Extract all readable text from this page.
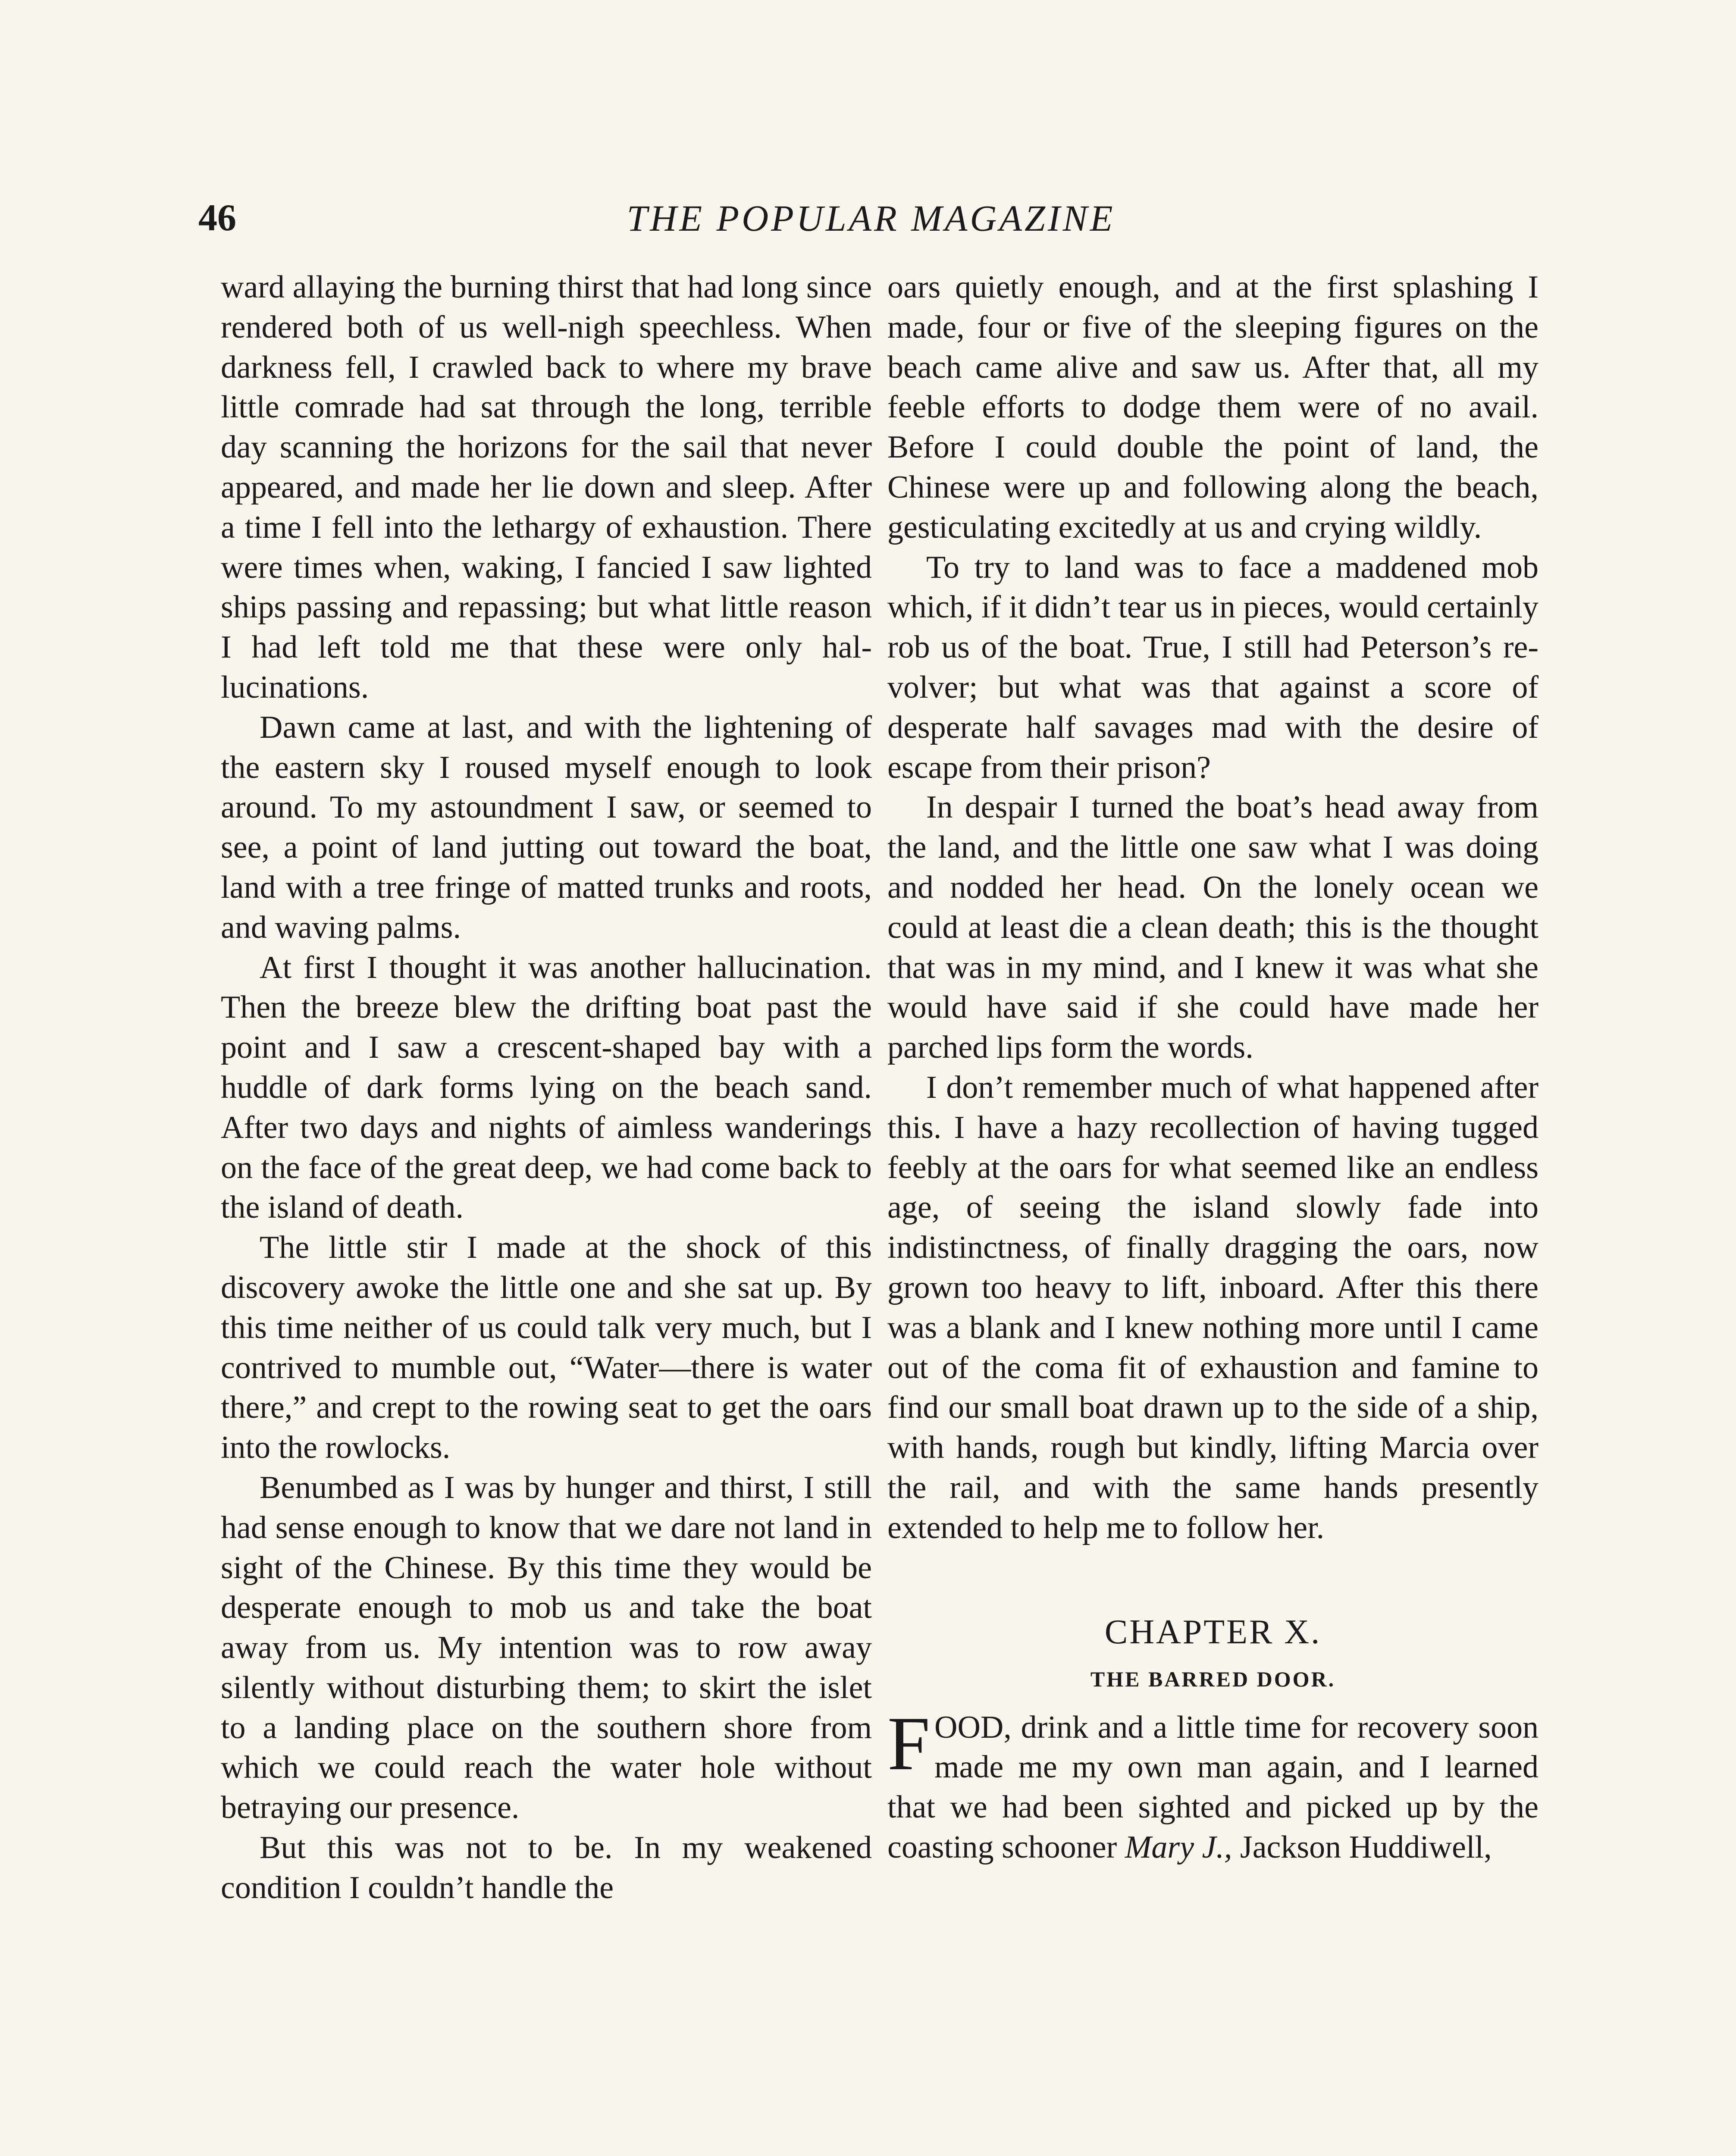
46	THE POPULAR MAGAZINE

ward allaying the burning thirst that had long since rendered both of us well-nigh speechless. When darkness fell, I crawled back to where my brave little comrade had sat through the long, terrible day scanning the horizons for the sail that never appeared, and made her lie down and sleep. After a time I fell into the lethargy of exhaustion. There were times when, waking, I fancied I saw lighted ships passing and repassing; but what little reason I had left told me that these were only hallucinations.

Dawn came at last, and with the lightening of the eastern sky I roused myself enough to look around. To my astoundment I saw, or seemed to see, a point of land jutting out toward the boat, land with a tree fringe of matted trunks and roots, and waving palms.

At first I thought it was another hallucination. Then the breeze blew the drifting boat past the point and I saw a crescent-shaped bay with a huddle of dark forms lying on the beach sand. After two days and nights of aimless wanderings on the face of the great deep, we had come back to the island of death.

The little stir I made at the shock of this discovery awoke the little one and she sat up. By this time neither of us could talk very much, but I contrived to mumble out, “Water—there is water there,” and crept to the rowing seat to get the oars into the rowlocks.

Benumbed as I was by hunger and thirst, I still had sense enough to know that we dare not land in sight of the Chinese. By this time they would be desperate enough to mob us and take the boat away from us. My intention was to row away silently without disturbing them; to skirt the islet to a landing place on the southern shore from which we could reach the water hole without betraying our presence.

But this was not to be. In my weakened condition I couldn’t handle the

oars quietly enough, and at the first splashing I made, four or five of the sleeping figures on the beach came alive and saw us. After that, all my feeble efforts to dodge them were of no avail. Before I could double the point of land, the Chinese were up and following along the beach, gesticulating excitedly at us and crying wildly.

To try to land was to face a maddened mob which, if it didn’t tear us in pieces, would certainly rob us of the boat. True, I still had Peterson’s revolver; but what was that against a score of desperate half savages mad with the desire of escape from their prison?

In despair I turned the boat’s head away from the land, and the little one saw what I was doing and nodded her head. On the lonely ocean we could at least die a clean death; this is the thought that was in my mind, and I knew it was what she would have said if she could have made her parched lips form the words.

I don’t remember much of what happened after this. I have a hazy recollection of having tugged feebly at the oars for what seemed like an endless age, of seeing the island slowly fade into indistinctness, of finally dragging the oars, now grown too heavy to lift, inboard. After this there was a blank and I knew nothing more until I came out of the coma fit of exhaustion and famine to find our small boat drawn up to the side of a ship, with hands, rough but kindly, lifting Marcia over the rail, and with the same hands presently extended to help me to follow her.

CHAPTER X.
THE BARRED DOOR.

FOOD, drink and a little time for recovery soon made me my own man again, and I learned that we had been sighted and picked up by the coasting schooner Mary J., Jackson Huddiwell,
